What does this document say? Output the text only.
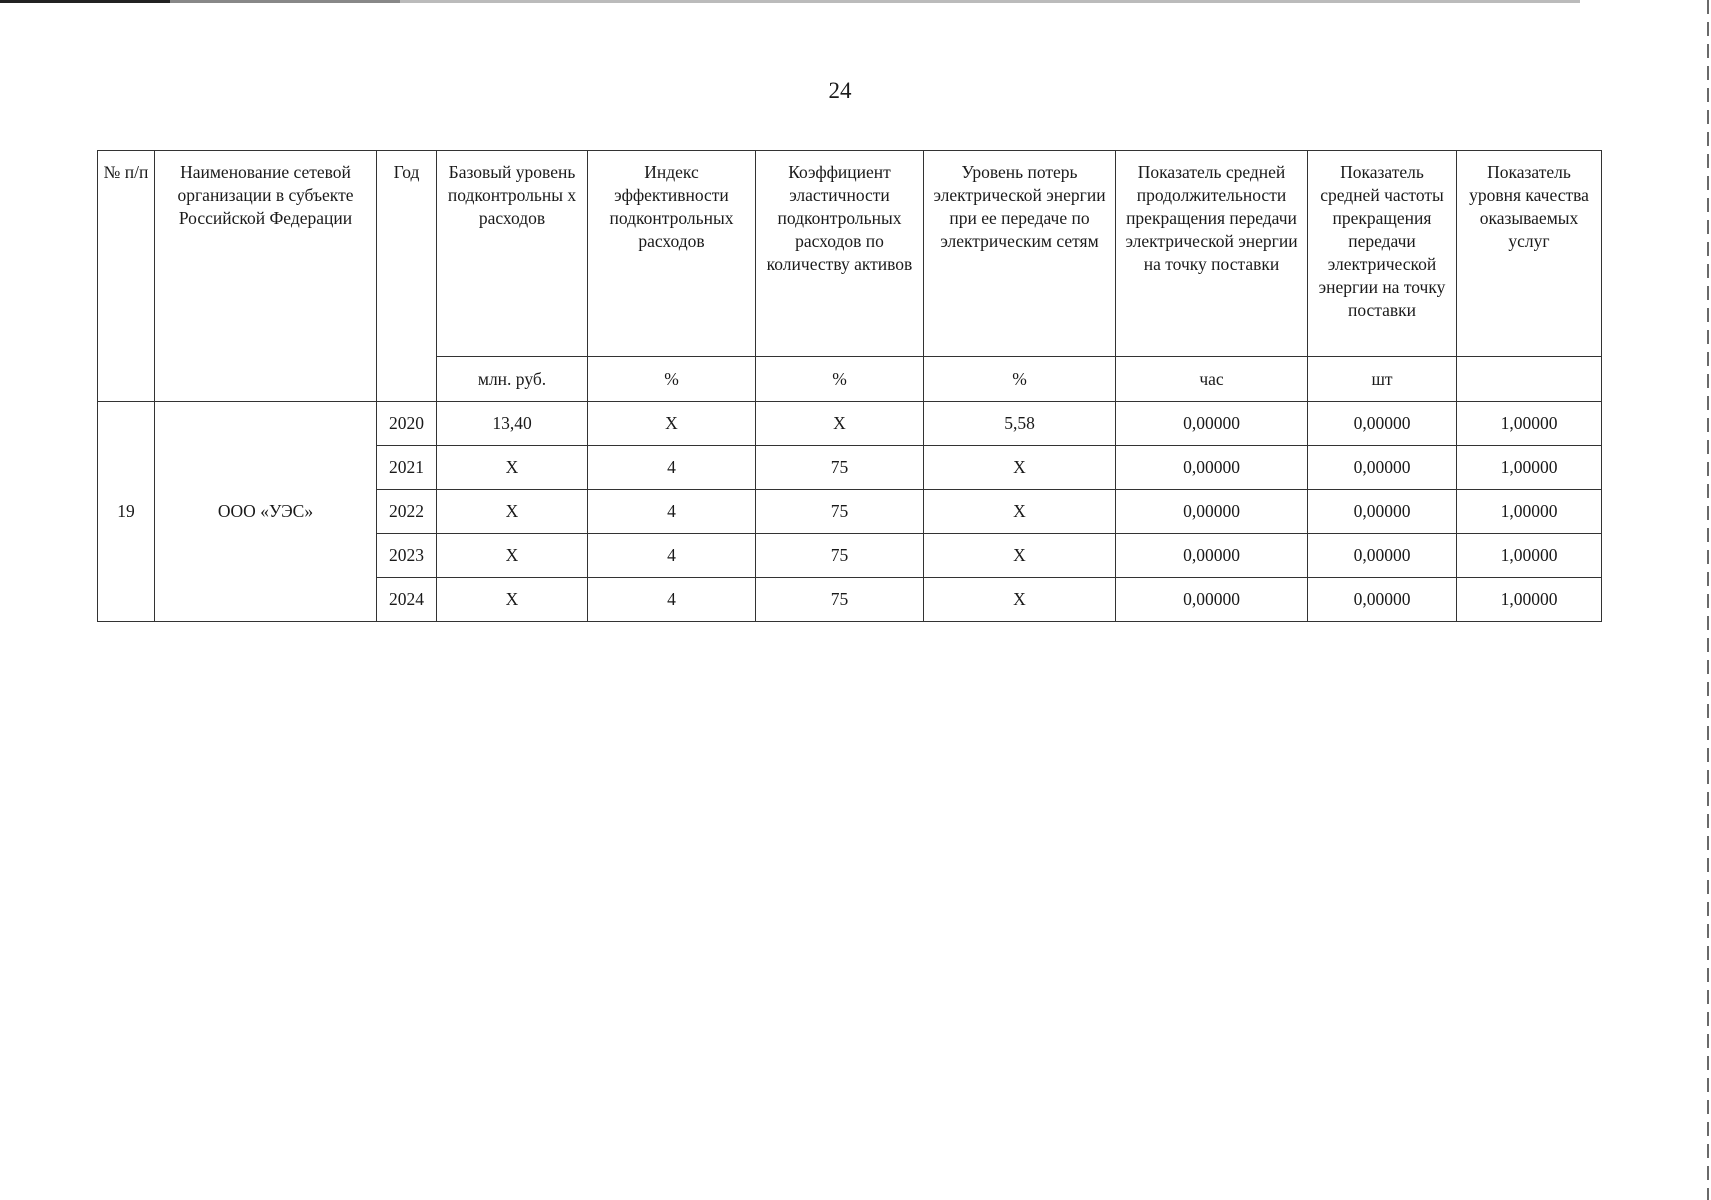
24
№ п/п	Наименование сетевой организации в субъекте Российской Федерации	Год	Базовый уровень подконтрольны х расходов	Индекс эффективности подконтрольных расходов	Коэффициент эластичности подконтрольных расходов по количеству активов	Уровень потерь электрической энергии при ее передаче по электрическим сетям	Показатель средней продолжительности прекращения передачи электрической энергии на точку поставки	Показатель средней частоты прекращения передачи электрической энергии на точку поставки	Показатель уровня качества оказываемых услуг
			млн. руб.	%	%	%	час	шт	
19	ООО «УЭС»	2020	13,40	X	X	5,58	0,00000	0,00000	1,00000
		2021	X	4	75	X	0,00000	0,00000	1,00000
		2022	X	4	75	X	0,00000	0,00000	1,00000
		2023	X	4	75	X	0,00000	0,00000	1,00000
		2024	X	4	75	X	0,00000	0,00000	1,00000
